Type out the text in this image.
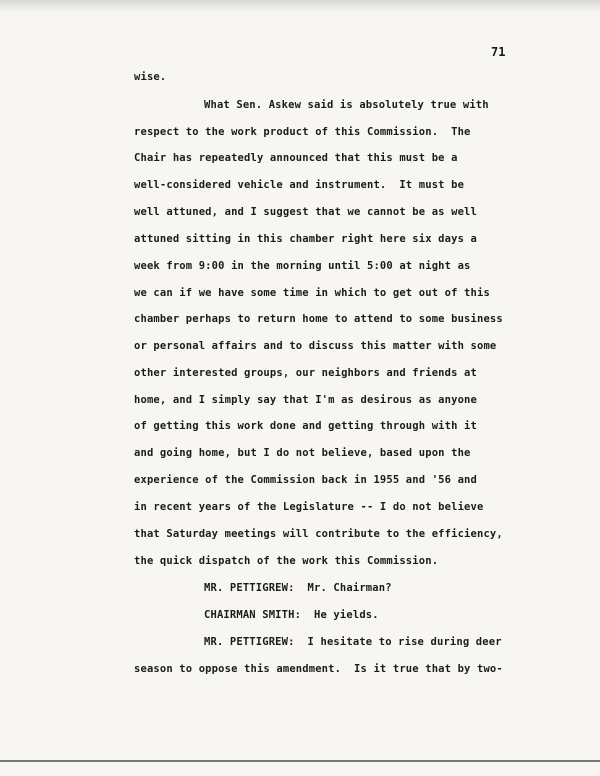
71
wise.
What Sen. Askew said is absolutely true with
respect to the work product of this Commission.  The
Chair has repeatedly announced that this must be a
well-considered vehicle and instrument.  It must be
well attuned, and I suggest that we cannot be as well
attuned sitting in this chamber right here six days a
week from 9:00 in the morning until 5:00 at night as
we can if we have some time in which to get out of this
chamber perhaps to return home to attend to some business
or personal affairs and to discuss this matter with some
other interested groups, our neighbors and friends at
home, and I simply say that I'm as desirous as anyone
of getting this work done and getting through with it
and going home, but I do not believe, based upon the
experience of the Commission back in 1955 and '56 and
in recent years of the Legislature -- I do not believe
that Saturday meetings will contribute to the efficiency,
the quick dispatch of the work this Commission.
MR. PETTIGREW:  Mr. Chairman?
CHAIRMAN SMITH:  He yields.
MR. PETTIGREW:  I hesitate to rise during deer
season to oppose this amendment.  Is it true that by two-
